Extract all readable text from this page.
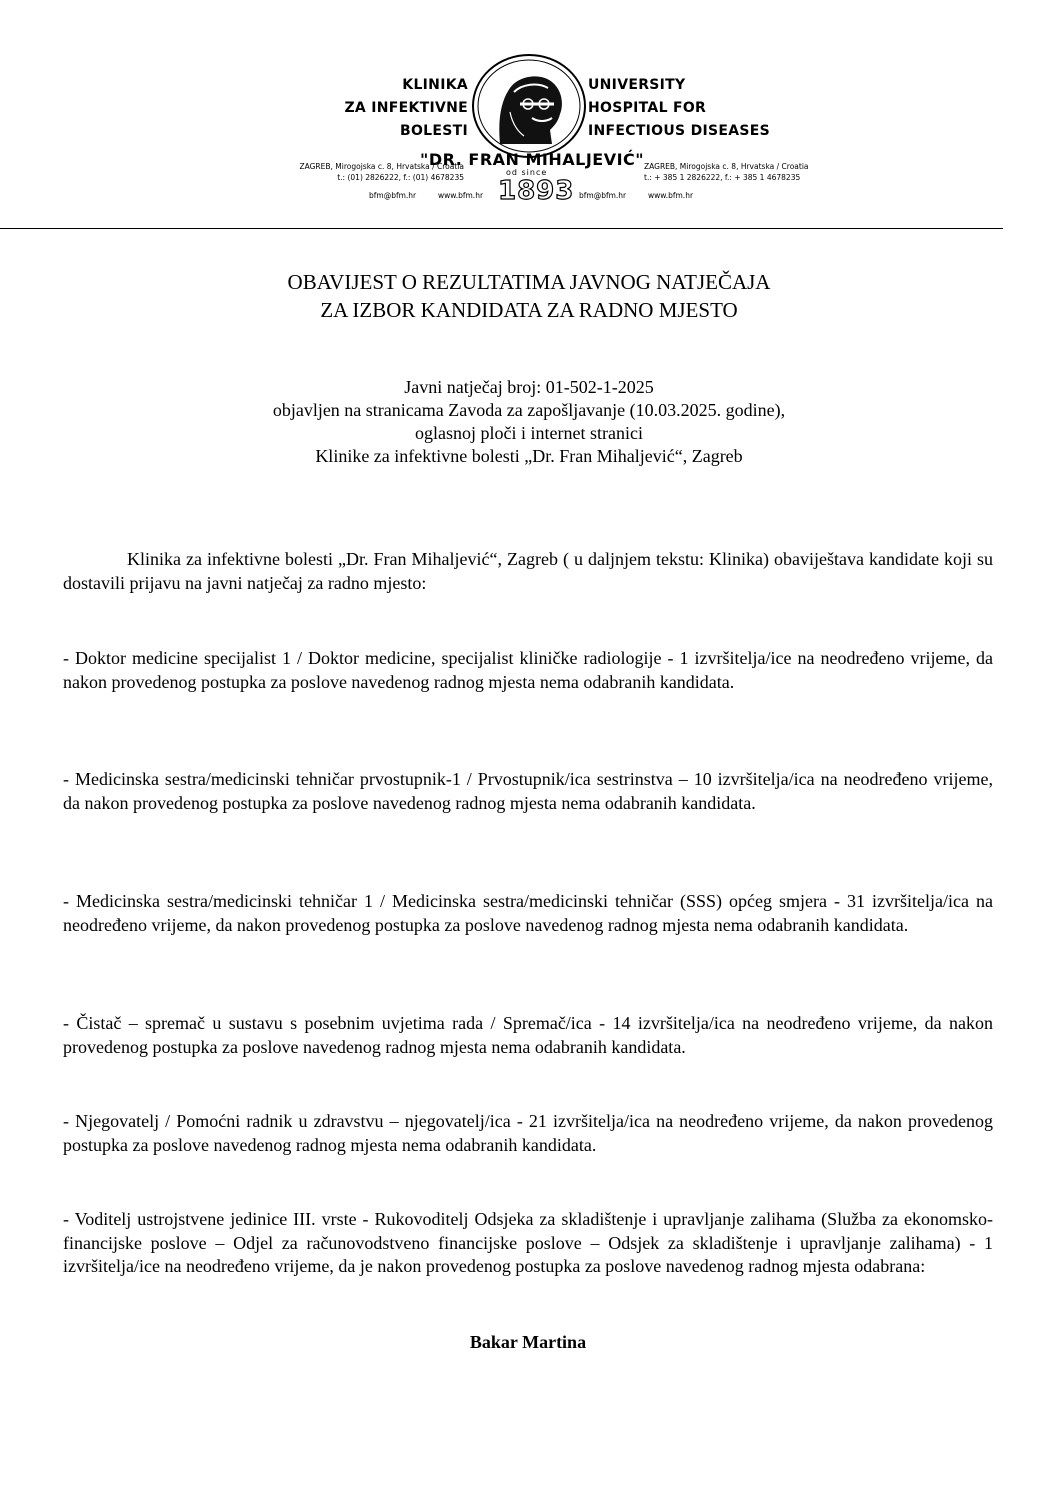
KLINIKA
ZA INFEKTIVNE
BOLESTI
UNIVERSITY
HOSPITAL FOR
INFECTIOUS DISEASES
"DR. FRAN MIHALJEVIĆ"
ZAGREB, Mirogojska c. 8, Hrvatska / Croatia
t.: (01) 2826222, f.: (01) 4678235
ZAGREB, Mirogojska c. 8, Hrvatska / Croatia
t.: + 385 1 2826222, f.: + 385 1 4678235
bfm@bfm.hr	www.bfm.hr	bfm@bfm.hr	www.bfm.hr
od since
1893
OBAVIJEST O REZULTATIMA JAVNOG NATJEČAJA
ZA IZBOR KANDIDATA ZA RADNO MJESTO
Javni natječaj broj: 01-502-1-2025
objavljen na stranicama Zavoda za zapošljavanje (10.03.2025. godine),
oglasnoj ploči i internet stranici
Klinike za infektivne bolesti „Dr. Fran Mihaljević“, Zagreb

Klinika za infektivne bolesti „Dr. Fran Mihaljević“, Zagreb ( u daljnjem tekstu: Klinika) obaviještava kandidate koji su dostavili prijavu na javni natječaj za radno mjesto:

- Doktor medicine specijalist 1 / Doktor medicine, specijalist kliničke radiologije - 1 izvršitelja/ice na neodređeno vrijeme, da nakon provedenog postupka za poslove navedenog radnog mjesta nema odabranih kandidata.

- Medicinska sestra/medicinski tehničar prvostupnik-1 / Prvostupnik/ica sestrinstva – 10 izvršitelja/ica na neodređeno vrijeme, da nakon provedenog postupka za poslove navedenog radnog mjesta nema odabranih kandidata.

- Medicinska sestra/medicinski tehničar 1 / Medicinska sestra/medicinski tehničar (SSS) općeg smjera - 31 izvršitelja/ica na neodređeno vrijeme, da nakon provedenog postupka za poslove navedenog radnog mjesta nema odabranih kandidata.

- Čistač – spremač u sustavu s posebnim uvjetima rada / Spremač/ica - 14 izvršitelja/ica na neodređeno vrijeme, da nakon provedenog postupka za poslove navedenog radnog mjesta nema odabranih kandidata.

- Njegovatelj / Pomoćni radnik u zdravstvu – njegovatelj/ica - 21 izvršitelja/ica na neodređeno vrijeme, da nakon provedenog postupka za poslove navedenog radnog mjesta nema odabranih kandidata.

- Voditelj ustrojstvene jedinice III. vrste - Rukovoditelj Odsjeka za skladištenje i upravljanje zalihama (Služba za ekonomsko-financijske poslove – Odjel za računovodstveno financijske poslove – Odsjek za skladištenje i upravljanje zalihama) - 1 izvršitelja/ice na neodređeno vrijeme, da je nakon provedenog postupka za poslove navedenog radnog mjesta odabrana:

Bakar Martina
